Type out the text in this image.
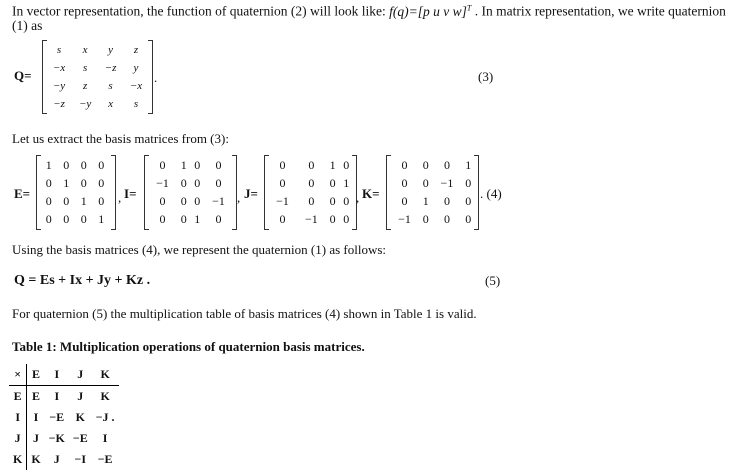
In vector representation, the function of quaternion (2) will look like: f(q)=[p u v w]$^T$ . In matrix representation, we write quaternion
(1) as
Q=
s	x	y	z
−x	s	−z	y
−y	z	s	−x
−z	−y	x	s
.	(3)
Let us extract the basis matrices from (3):
E=
1	0	0	0
0	1	0	0
0	0	1	0
0	0	0	1
, I=
0	1	0	0
−1	0	0	0
0	0	0	−1
0	0	1	0
, J=
0	0	1	0
0	0	0	1
−1	0	0	0
0	−1	0	0
, K=
0	0	0	1
0	0	−1	0
0	1	0	0
−1	0	0	0
. (4)
Using the basis matrices (4), we represent the quaternion (1) as follows:
Q = Es + Ix + Jy + Kz .	(5)
For quaternion (5) the multiplication table of basis matrices (4) shown in Table 1 is valid.
Table 1: Multiplication operations of quaternion basis matrices.
×	E	I	J	K
E	E	I	J	K
I	I	−E	K	−J .
J	J	−K	−E	I
K	K	J	−I	−E
